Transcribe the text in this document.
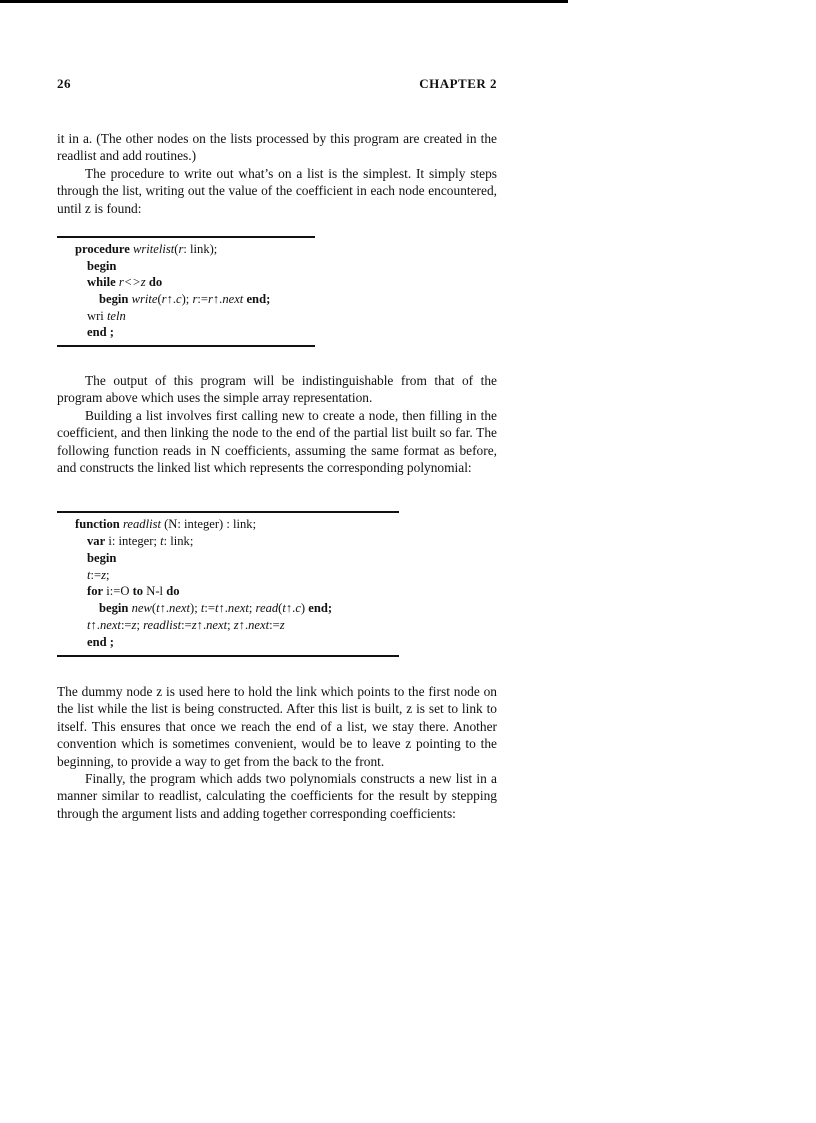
26	CHAPTER 2

it in a. (The other nodes on the lists processed by this program are created in the readlist and add routines.)

The procedure to write out what’s on a list is the simplest. It simply steps through the list, writing out the value of the coefficient in each node encountered, until z is found:

procedure writelist(r: link);
begin
while r<>z do
begin write(r↑.c); r:=r↑.next end;
wri teln
end ;

The output of this program will be indistinguishable from that of the program above which uses the simple array representation.

Building a list involves first calling new to create a node, then filling in the coefficient, and then linking the node to the end of the partial list built so far. The following function reads in N coefficients, assuming the same format as before, and constructs the linked list which represents the corresponding polynomial:

function readlist (N: integer) : link;
var i: integer; t: link;
begin
t:=z;
for i:=O to N-l do
begin new(t↑.next); t:=t↑.next; read(t↑.c) end;
t↑.next:=z; readlist:=z↑.next; z↑.next:=z
end ;

The dummy node z is used here to hold the link which points to the first node on the list while the list is being constructed. After this list is built, z is set to link to itself. This ensures that once we reach the end of a list, we stay there. Another convention which is sometimes convenient, would be to leave z pointing to the beginning, to provide a way to get from the back to the front.

Finally, the program which adds two polynomials constructs a new list in a manner similar to readlist, calculating the coefficients for the result by stepping through the argument lists and adding together corresponding coefficients:
